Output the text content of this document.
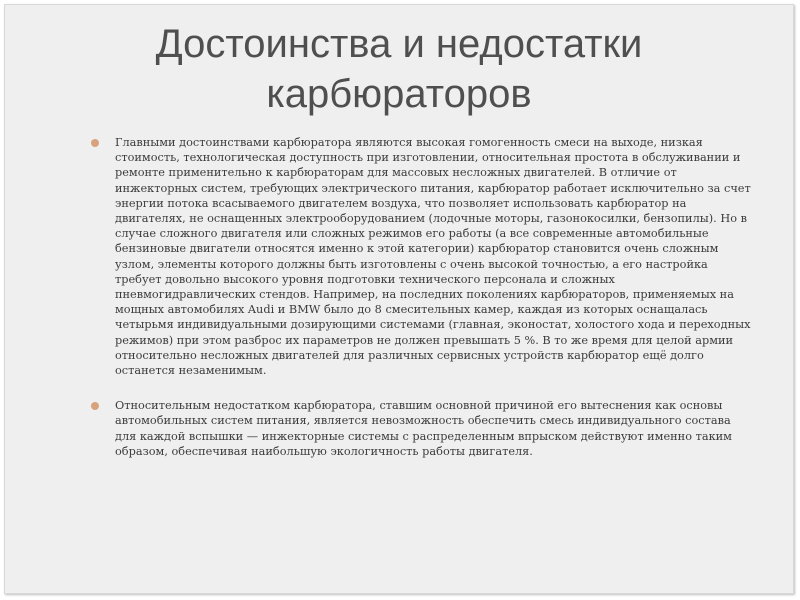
Достоинства и недостатки
карбюраторов
Главными достоинствами карбюратора являются высокая гомогенность смеси на выходе, низкая стоимость, технологическая доступность при изготовлении, относительная простота в обслуживании и ремонте применительно к карбюраторам для массовых несложных двигателей. В отличие от инжекторных систем, требующих электрического питания, карбюратор работает исключительно за счет энергии потока всасываемого двигателем воздуха, что позволяет использовать карбюратор на двигателях, не оснащенных электрооборудованием (лодочные моторы, газонокосилки, бензопилы). Но в случае сложного двигателя или сложных режимов его работы (а все современные автомобильные бензиновые двигатели относятся именно к этой категории) карбюратор становится очень сложным узлом, элементы которого должны быть изготовлены с очень высокой точностью, а его настройка требует довольно высокого уровня подготовки технического персонала и сложных пневмогидравлических стендов. Например, на последних поколениях карбюраторов, применяемых на мощных автомобилях Audi и BMW было до 8 смесительных камер, каждая из которых оснащалась четырьмя индивидуальными дозирующими системами (главная, эконостат, холостого хода и переходных режимов) при этом разброс их параметров не должен превышать 5 %. В то же время для целой армии относительно несложных двигателей для различных сервисных устройств карбюратор ещё долго останется незаменимым.
Относительным недостатком карбюратора, ставшим основной причиной его вытеснения как основы автомобильных систем питания, является невозможность обеспечить смесь индивидуального состава для каждой вспышки — инжекторные системы с распределенным впрыском действуют именно таким образом, обеспечивая наибольшую экологичность работы двигателя.
